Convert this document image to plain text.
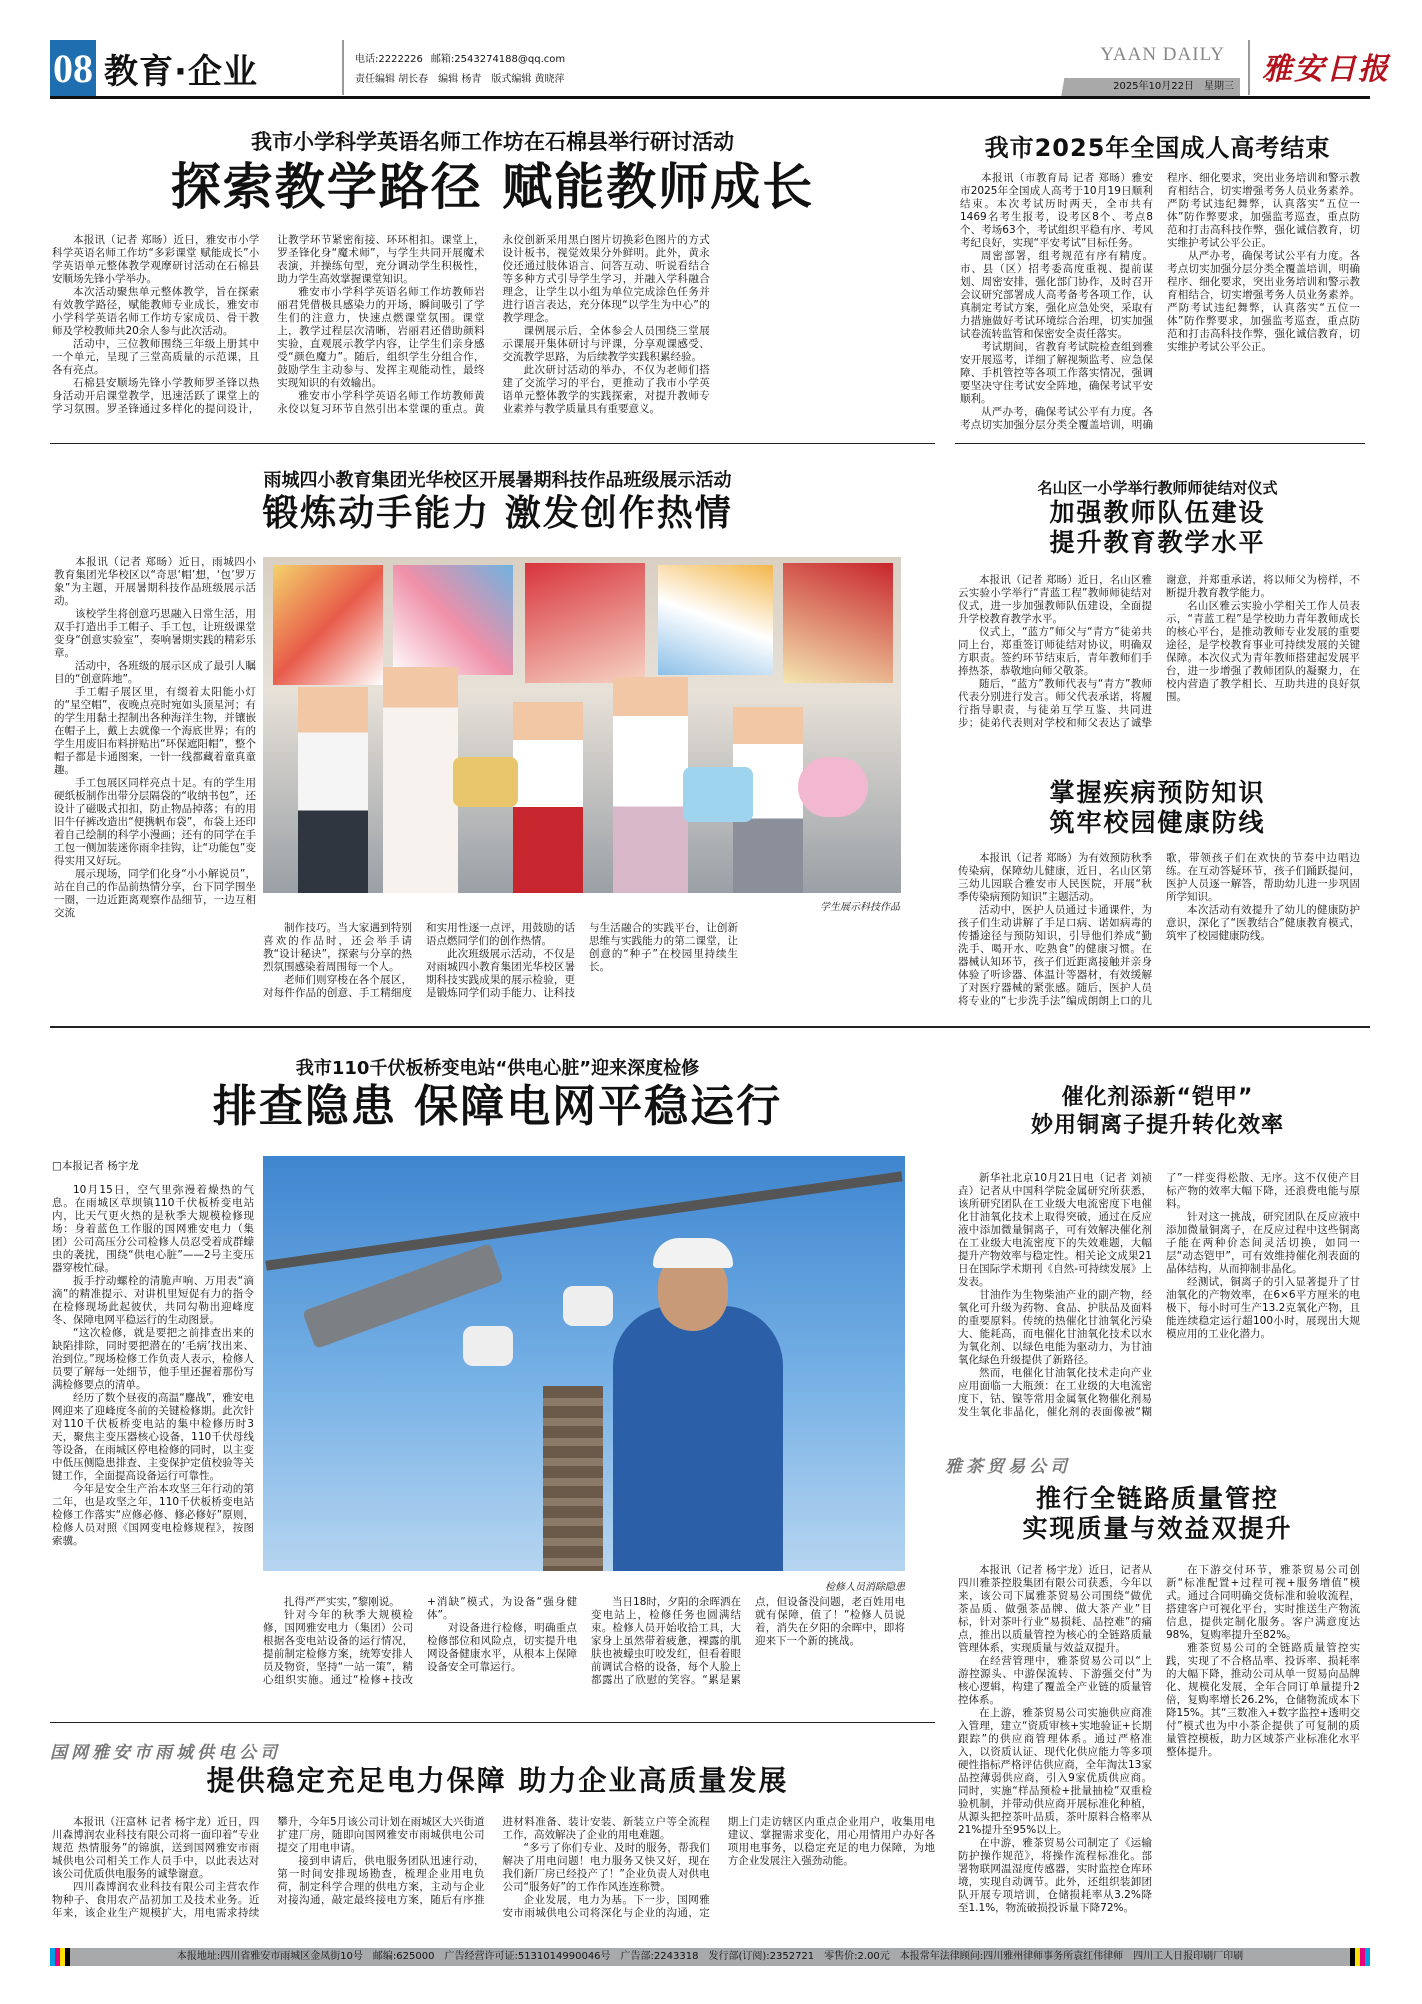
08 教育·企业	电话:2222226 邮箱:2543274188@qq.com
责任编辑 胡长春　编辑 杨青　版式编辑 黄晓萍
YAAN DAILY
2025年10月22日　星期三 雅安日报
我市小学科学英语名师工作坊在石棉县举行研讨活动
探索教学路径 赋能教师成长

本报讯（记者 郑旸）近日，雅安市小学科学英语名师工作坊“多彩课堂 赋能成长”小学英语单元整体教学观摩研讨活动在石棉县安顺场先锋小学举办。

本次活动聚焦单元整体教学，旨在探索有效教学路径，赋能教师专业成长，雅安市小学科学英语名师工作坊专家成员、骨干教师及学校教师共20余人参与此次活动。

活动中，三位教师围绕三年级上册其中一个单元，呈现了三堂高质量的示范课，且各有亮点。

石棉县安顺场先锋小学教师罗圣锋以热身活动开启课堂教学，迅速活跃了课堂上的学习氛围。罗圣锋通过多样化的提问设计，让教学环节紧密衔接、环环相扣。课堂上，罗圣锋化身“魔术师”，与学生共同开展魔术表演，并操练句型，充分调动学生积极性，助力学生高效掌握课堂知识。

雅安市小学科学英语名师工作坊教师岩丽君凭借极具感染力的开场，瞬间吸引了学生们的注意力，快速点燃课堂氛围。课堂上，教学过程层次清晰，岩丽君还借助颜料实验，直观展示教学内容，让学生们亲身感受“颜色魔力”。随后，组织学生分组合作，鼓励学生主动参与、发挥主观能动性，最终实现知识的有效输出。

雅安市小学科学英语名师工作坊教师黄永佼以复习环节自然引出本堂课的重点。黄永佼创新采用黑白图片切换彩色图片的方式设计板书，视觉效果分外鲜明。此外，黄永佼还通过肢体语言、问答互动、听说看结合等多种方式引导学生学习，并融入学科融合理念，让学生以小组为单位完成涂色任务并进行语言表达，充分体现“以学生为中心”的教学理念。

课例展示后，全体参会人员围绕三堂展示课展开集体研讨与评课，分享观课感受、交流教学思路，为后续教学实践积累经验。

此次研讨活动的举办，不仅为老师们搭建了交流学习的平台，更推动了我市小学英语单元整体教学的实践探索，对提升教师专业素养与教学质量具有重要意义。

我市2025年全国成人高考结束

本报讯（市教育局 记者 郑旸）雅安市2025年全国成人高考于10月19日顺利结束。本次考试历时两天，全市共有1469名考生报考，设考区8个、考点8个、考场63个，考试组织平稳有序、考风考纪良好，实现“平安考试”目标任务。

周密部署，组考规范有序有精度。市、县（区）招考委高度重视、提前谋划、周密安排，强化部门协作，及时召开会议研究部署成人高考备考各项工作，认真制定考试方案，强化应急处突，采取有力措施做好考试环境综合治理，切实加强试卷流转监管和保密安全责任落实。

考试期间，省教育考试院检查组到雅安开展巡考，详细了解视频监考、应急保障、手机管控等各项工作落实情况，强调要坚决守住考试安全阵地，确保考试平安顺利。

从严办考，确保考试公平有力度。各考点切实加强分层分类全覆盖培训，明确程序、细化要求，突出业务培训和警示教育相结合，切实增强考务人员业务素养。严防考试违纪舞弊，认真落实“五位一体”防作弊要求，加强监考巡查，重点防范和打击高科技作弊，强化诚信教育，切实维护考试公平公正。

从严办考，确保考试公平有力度。各考点切实加强分层分类全覆盖培训，明确程序、细化要求，突出业务培训和警示教育相结合，切实增强考务人员业务素养。严防考试违纪舞弊，认真落实“五位一体”防作弊要求，加强监考巡查，重点防范和打击高科技作弊，强化诚信教育，切实维护考试公平公正。

雨城四小教育集团光华校区开展暑期科技作品班级展示活动
锻炼动手能力 激发创作热情

本报讯（记者 郑旸）近日，雨城四小教育集团光华校区以“奇思‘帽’想，‘包’罗万象”为主题，开展暑期科技作品班级展示活动。

该校学生将创意巧思融入日常生活，用双手打造出手工帽子、手工包，让班级课堂变身“创意实验室”，奏响暑期实践的精彩乐章。

活动中，各班级的展示区成了最引人瞩目的“创意阵地”。

手工帽子展区里，有缀着太阳能小灯的“星空帽”，夜晚点亮时宛如头顶星河；有的学生用黏土捏制出各种海洋生物，并镶嵌在帽子上，戴上去就像一个海底世界；有的学生用废旧布料拼贴出“环保遮阳帽”，整个帽子都是卡通图案，一针一线都藏着童真童趣。

手工包展区同样亮点十足。有的学生用硬纸板制作出带分层隔袋的“收纳书包”，还设计了磁吸式扣扣，防止物品掉落；有的用旧牛仔裤改造出“便携帆布袋”，布袋上还印着自己绘制的科学小漫画；还有的同学在手工包一侧加装迷你雨伞挂钩，让“功能包”变得实用又好玩。

展示现场，同学们化身“小小解说员”，站在自己的作品前热情分享，台下同学围坐一圈，一边近距离观察作品细节，一边互相交流	学生展示科技作品

制作技巧。当大家遇到特别喜欢的作品时，还会举手请教“设计秘诀”，探索与分享的热烈氛围感染着周围每一个人。

老师们则穿梭在各个展区，对每件作品的创意、手工精细度和实用性逐一点评，用鼓励的话语点燃同学们的创作热情。

此次班级展示活动，不仅是对雨城四小教育集团光华校区暑期科技实践成果的展示检验，更是锻炼同学们动手能力、让科技与生活融合的实践平台，让创新思维与实践能力的第二课堂，让创意的“种子”在校园里持续生长。

名山区一小学举行教师师徒结对仪式
加强教师队伍建设
提升教育教学水平

本报讯（记者 郑旸）近日，名山区雅云实验小学举行“青蓝工程”教师师徒结对仪式，进一步加强教师队伍建设，全面提升学校教育教学水平。

仪式上，“蓝方”师父与“青方”徒弟共同上台，郑重签订师徒结对协议，明确双方职责。签约环节结束后，青年教师们手捧热茶，恭敬地向师父敬茶。

随后，“蓝方”教师代表与“青方”教师代表分别进行发言。师父代表承诺，将履行指导职责，与徒弟互学互鉴、共同进步；徒弟代表则对学校和师父表达了诚挚谢意，并郑重承诺，将以师父为榜样，不断提升教育教学能力。

名山区雅云实验小学相关工作人员表示，“青蓝工程”是学校助力青年教师成长的核心平台，是推动教师专业发展的重要途径，是学校教育事业可持续发展的关键保障。本次仪式为青年教师搭建起发展平台，进一步增强了教师团队的凝聚力，在校内营造了教学相长、互助共进的良好氛围。

掌握疾病预防知识
筑牢校园健康防线

本报讯（记者 郑旸）为有效预防秋季传染病，保障幼儿健康，近日，名山区第三幼儿园联合雅安市人民医院，开展“秋季传染病预防知识”主题活动。

活动中，医护人员通过卡通课件，为孩子们生动讲解了手足口病、诺如病毒的传播途径与预防知识，引导他们养成“勤洗手、喝开水、吃熟食”的健康习惯。在器械认知环节，孩子们近距离接触并亲身体验了听诊器、体温计等器材，有效缓解了对医疗器械的紧张感。随后，医护人员将专业的“七步洗手法”编成朗朗上口的儿歌，带领孩子们在欢快的节奏中边唱边练。在互动答疑环节，孩子们踊跃提问，医护人员逐一解答，帮助幼儿进一步巩固所学知识。

本次活动有效提升了幼儿的健康防护意识，深化了“医教结合”健康教育模式，筑牢了校园健康防线。

我市110千伏板桥变电站“供电心脏”迎来深度检修
排查隐患 保障电网平稳运行
□本报记者 杨宇龙

10月15日，空气里弥漫着燥热的气息。在雨城区草坝镇110千伏板桥变电站内，比天气更火热的是秋季大规模检修现场：身着蓝色工作服的国网雅安电力（集团）公司高压分公司检修人员忍受着成群蠓虫的袭扰，围绕“供电心脏”——2号主变压器穿梭忙碌。

扳手拧动螺栓的清脆声响、万用表“滴滴”的精准提示、对讲机里短促有力的指令在检修现场此起彼伏，共同勾勒出迎峰度冬、保障电网平稳运行的生动图景。

“这次检修，就是要把之前排查出来的缺陷排除，同时要把潜在的‘毛病’找出来、治到位。”现场检修工作负责人表示，检修人员要了解每一处细节，他手里还握着那份写满检修要点的清单。

经历了数个昼夜的高温“鏖战”，雅安电网迎来了迎峰度冬前的关键检修期。此次针对110千伏板桥变电站的集中检修历时3天，聚焦主变压器核心设备，110千伏母线等设备，在雨城区停电检修的同时，以主变中低压侧隐患排查、主变保护定值校验等关键工作，全面提高设备运行可靠性。

今年是安全生产治本攻坚三年行动的第二年，也是攻坚之年，110千伏板桥变电站检修工作落实“应修必修、修必修好”原则，检修人员对照《国网变电检修规程》，按图索骥。

检修人员消除隐患

扎得严严实实，”黎刚说。

针对今年的秋季大规模检修，国网雅安电力（集团）公司根据各变电站设备的运行情况，提前制定检修方案，统筹安排人员及物资，坚持“一站一策”，精心组织实施。通过“检修+技改+消缺”模式，为设备“强身健体”。

对设备进行检修，明确重点检修部位和风险点，切实提升电网设备健康水平，从根本上保障设备安全可靠运行。

当日18时，夕阳的余晖洒在变电站上，检修任务也圆满结束。检修人员开始收拾工具，大家身上虽然带着疲惫，裸露的肌肤也被蠓虫叮咬发红，但看着眼前调试合格的设备，每个人脸上都露出了欣慰的笑容。“累是累点，但设备没问题，老百姓用电就有保障，值了！”检修人员说着，消失在夕阳的余晖中，即将迎来下一个新的挑战。

催化剂添新“铠甲”
妙用铜离子提升转化效率

新华社北京10月21日电（记者 刘祯垚）记者从中国科学院金属研究所获悉，该所研究团队在工业级大电流密度下电催化甘油氧化技术上取得突破，通过在反应液中添加微量铜离子，可有效解决催化剂在工业级大电流密度下的失效难题，大幅提升产物效率与稳定性。相关论文成果21日在国际学术期刊《自然-可持续发展》上发表。

甘油作为生物柴油产业的副产物，经氧化可升级为药物、食品、护肤品及面料的重要原料。传统的热催化甘油氧化污染大、能耗高，而电催化甘油氧化技术以水为氧化剂、以绿色电能为驱动力，为甘油氧化绿色升级提供了新路径。

然而，电催化甘油氧化技术走向产业应用面临一大瓶颈：在工业级的大电流密度下，钴、镍等常用金属氧化物催化剂易发生氧化非晶化，催化剂的表面像被“糊了”一样变得松散、无序。这不仅使产目标产物的效率大幅下降，还浪费电能与原料。

针对这一挑战，研究团队在反应液中添加微量铜离子，在反应过程中这些铜离子能在两种价态间灵活切换，如同一层“动态铠甲”，可有效维持催化剂表面的晶体结构，从而抑制非晶化。

经测试，铜离子的引入显著提升了甘油氧化的产物效率，在6×6平方厘米的电极下，每小时可生产13.2克氧化产物，且能连续稳定运行超100小时，展现出大规模应用的工业化潜力。

雅茶贸易公司
推行全链路质量管控
实现质量与效益双提升

本报讯（记者 杨宇龙）近日，记者从四川雅茶控股集团有限公司获悉，今年以来，该公司下属雅茶贸易公司围绕“做优茶品质、做强茶品牌、做大茶产业”目标，针对茶叶行业“易损耗、品控难”的痛点，推出以质量管控为核心的全链路质量管理体系，实现质量与效益双提升。

在经营管理中，雅茶贸易公司以“上游控源头、中游保流转、下游强交付”为核心逻辑，构建了覆盖全产业链的质量管控体系。

在上游，雅茶贸易公司实施供应商准入管理，建立“资质审核+实地验证+长期跟踪”的供应商管理体系。通过严格准入，以资质认证、现代化供应能力等多项硬性指标严格评估供应商，全年淘汰13家品控薄弱供应商，引入9家优质供应商。同时，实施“样品预检+批量抽检”双重检验机制，并带动供应商开展标准化种植，从源头把控茶叶品质，茶叶原料合格率从21%提升至95%以上。

在中游，雅茶贸易公司制定了《运输防护操作规范》，将操作流程标准化。部署物联网温湿度传感器，实时监控仓库环境，实现自动调节。此外，还组织装卸团队开展专项培训，仓储损耗率从3.2%降至1.1%，物流破损投诉量下降72%。

在下游交付环节，雅茶贸易公司创新“标准配置+过程可视+服务增值”模式。通过合同明确交货标准和验收流程，搭建客户可视化平台，实时推送生产物流信息，提供定制化服务。客户满意度达98%，复购率提升至82%。

雅茶贸易公司的全链路质量管控实践，实现了不合格品率、投诉率、损耗率的大幅下降，推动公司从单一贸易向品牌化、规模化发展，全年合同订单量提升2倍，复购率增长26.2%，仓储物流成本下降15%。其“三数准入+数字监控+透明交付”模式也为中小茶企提供了可复制的质量管控模板，助力区域茶产业标准化水平整体提升。

国网雅安市雨城供电公司
提供稳定充足电力保障 助力企业高质量发展

本报讯（汪富林 记者 杨宇龙）近日，四川森博润农业科技有限公司将一面印着“专业规范 热情服务”的锦旗，送到国网雅安市雨城供电公司相关工作人员手中，以此表达对该公司优质供电服务的诚挚谢意。

四川森博润农业科技有限公司主营农作物种子、食用农产品初加工及技术业务。近年来，该企业生产规模扩大，用电需求持续攀升，今年5月该公司计划在雨城区大兴街道扩建厂房，随即向国网雅安市雨城供电公司提交了用电申请。

接到申请后，供电服务团队迅速行动，第一时间安排现场勘查，梳理企业用电负荷，制定科学合理的供电方案，主动与企业对接沟通，敲定最终接电方案，随后有序推进材料准备、装计安装、新装立户等全流程工作，高效解决了企业的用电难题。

“多亏了你们专业、及时的服务，帮我们解决了用电问题！电力服务又快又好，现在我们新厂房已经投产了！”企业负责人对供电公司“服务好”的工作作风连连称赞。

企业发展，电力为基。下一步，国网雅安市雨城供电公司将深化与企业的沟通，定期上门走访辖区内重点企业用户，收集用电建议、掌握需求变化，用心用情用户办好各项用电事务，以稳定充足的电力保障，为地方企业发展注入强劲动能。

本报地址:四川省雅安市雨城区金凤街10号　邮编:625000　广告经营许可证:5131014990046号　广告部:2243318　发行部(订阅):2352721　零售价:2.00元　本报常年法律顾问:四川雅州律师事务所袁红伟律师　四川工人日报印刷厂印刷
